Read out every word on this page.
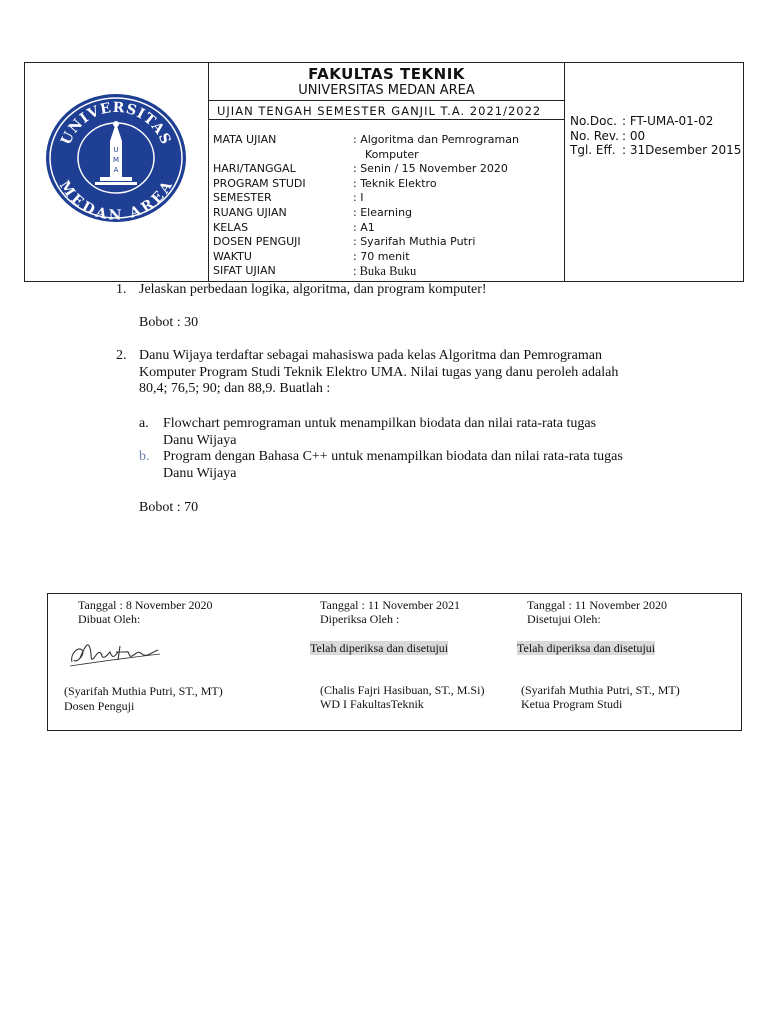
UNIVERSITAS
MEDAN AREA
U
M
A
FAKULTAS TEKNIK
UNIVERSITAS MEDAN AREA
UJIAN TENGAH SEMESTER GANJIL T.A. 2021/2022
MATA UJIAN	: Algoritma dan Pemrograman
Komputer
HARI/TANGGAL	: Senin / 15 November 2020
PROGRAM STUDI	: Teknik Elektro
SEMESTER	: I
RUANG UJIAN	: Elearning
KELAS	: A1
DOSEN PENGUJI	: Syarifah Muthia Putri
WAKTU	: 70 menit
SIFAT UJIAN	: Buka Buku
No.Doc. : FT-UMA-01-02
No. Rev. : 00
Tgl. Eff. : 31Desember 2015
1. Jelaskan perbedaan logika, algoritma, dan program komputer!
Bobot : 30
2. Danu Wijaya terdaftar sebagai mahasiswa pada kelas Algoritma dan Pemrograman
Komputer Program Studi Teknik Elektro UMA. Nilai tugas yang danu peroleh adalah
80,4; 76,5; 90; dan 88,9. Buatlah :
a. Flowchart pemrograman untuk menampilkan biodata dan nilai rata-rata tugas
Danu Wijaya
b. Program dengan Bahasa C++ untuk menampilkan biodata dan nilai rata-rata tugas
Danu Wijaya
Bobot : 70
Tanggal : 8 November 2020
Dibuat Oleh:
(Syarifah Muthia Putri, ST., MT)
Dosen Penguji
Tanggal : 11 November 2021
Diperiksa Oleh :
Telah diperiksa dan disetujui
(Chalis Fajri Hasibuan, ST., M.Si)
WD I FakultasTeknik
Tanggal : 11 November 2020
Disetujui Oleh:
Telah diperiksa dan disetujui
(Syarifah Muthia Putri, ST., MT)
Ketua Program Studi
